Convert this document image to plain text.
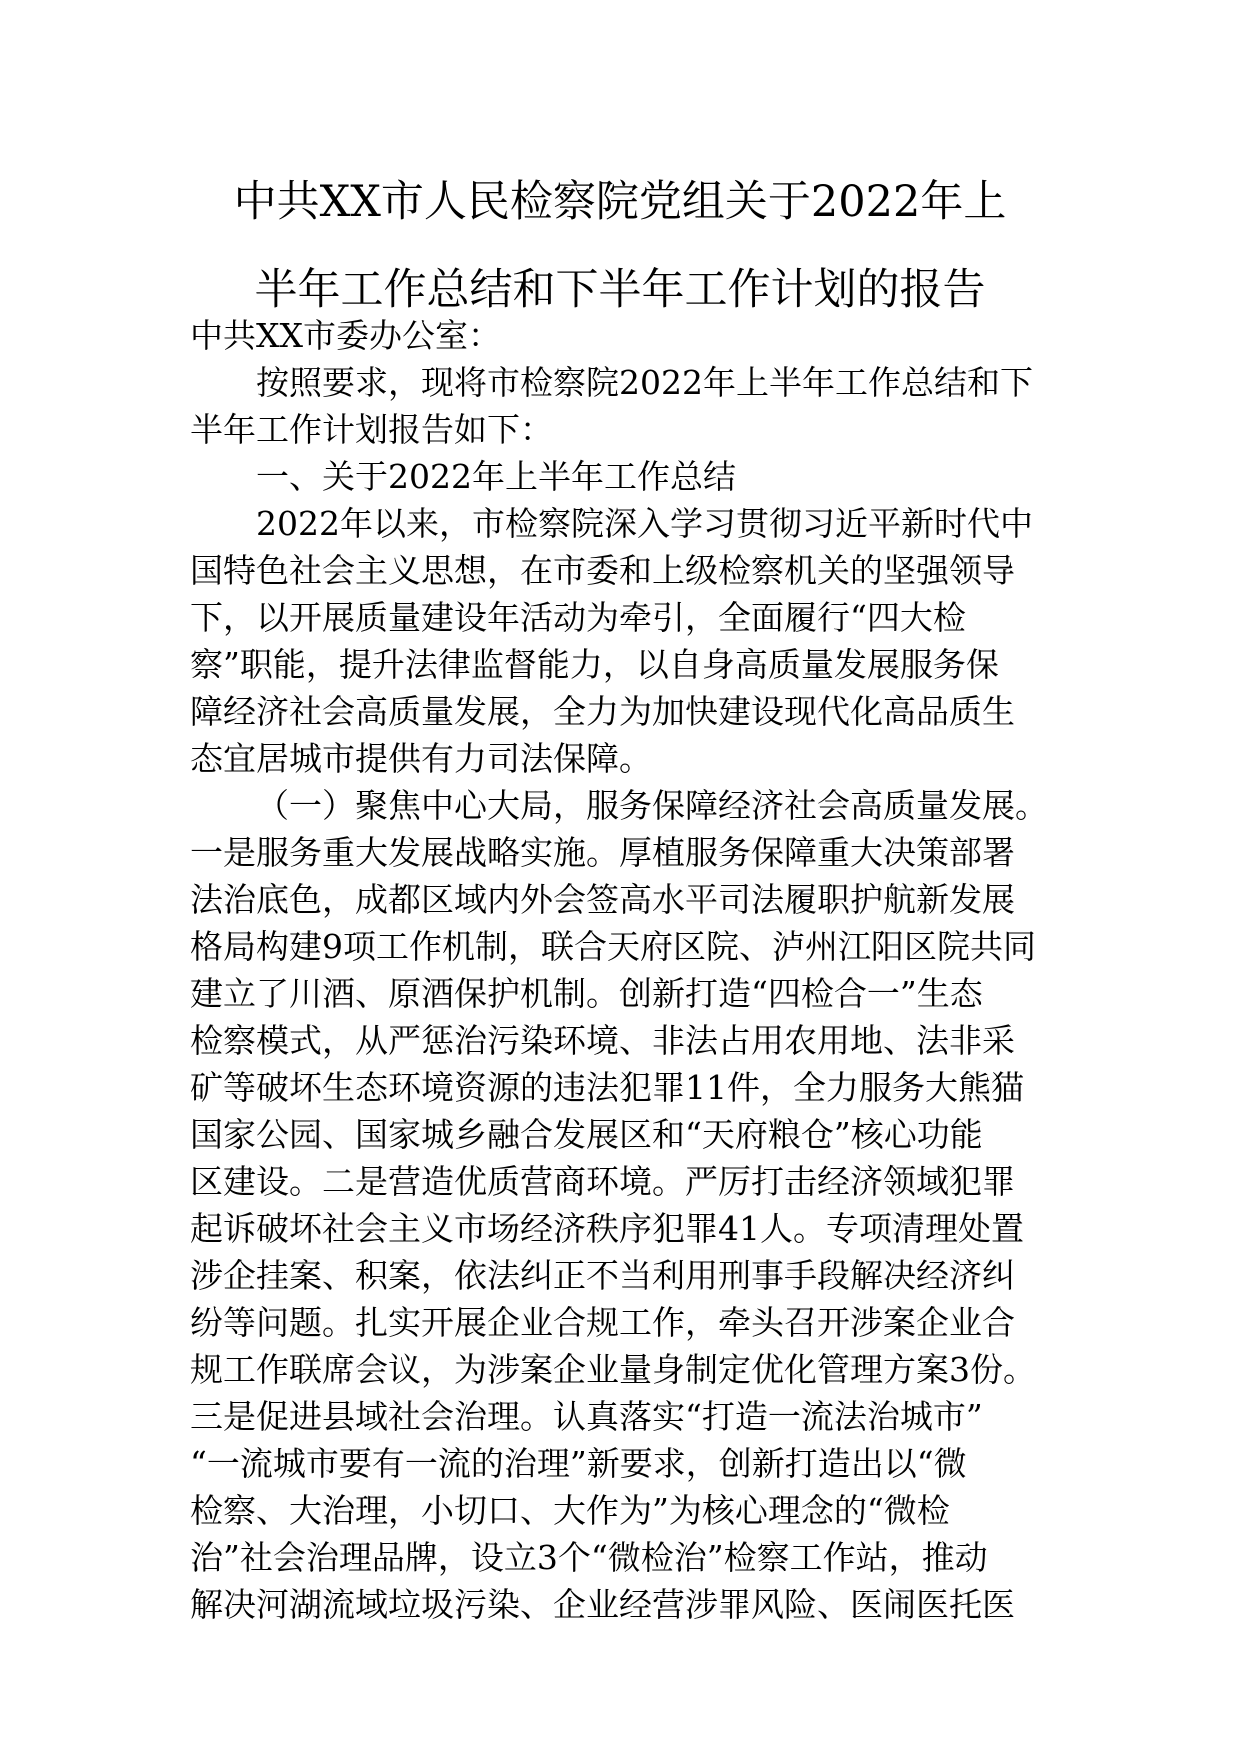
中共XX市人民检察院党组关于2022年上
半年工作总结和下半年工作计划的报告

中共XX市委办公室：

按照要求，现将市检察院2022年上半年工作总结和下

半年工作计划报告如下：

一、关于2022年上半年工作总结

2022年以来，市检察院深入学习贯彻习近平新时代中

国特色社会主义思想，在市委和上级检察机关的坚强领导

下，以开展质量建设年活动为牵引，全面履行“四大检

察”职能，提升法律监督能力，以自身高质量发展服务保

障经济社会高质量发展，全力为加快建设现代化高品质生

态宜居城市提供有力司法保障。

（一）聚焦中心大局，服务保障经济社会高质量发展。

一是服务重大发展战略实施。厚植服务保障重大决策部署

法治底色，成都区域内外会签高水平司法履职护航新发展

格局构建9项工作机制，联合天府区院、泸州江阳区院共同

建立了川酒、原酒保护机制。创新打造“四检合一”生态

检察模式，从严惩治污染环境、非法占用农用地、法非采

矿等破坏生态环境资源的违法犯罪11件，全力服务大熊猫

国家公园、国家城乡融合发展区和“天府粮仓”核心功能

区建设。二是营造优质营商环境。严厉打击经济领域犯罪

起诉破坏社会主义市场经济秩序犯罪41人。专项清理处置

涉企挂案、积案，依法纠正不当利用刑事手段解决经济纠

纷等问题。扎实开展企业合规工作，牵头召开涉案企业合

规工作联席会议，为涉案企业量身制定优化管理方案3份。

三是促进县域社会治理。认真落实“打造一流法治城市”

“一流城市要有一流的治理”新要求，创新打造出以“微

检察、大治理，小切口、大作为”为核心理念的“微检

治”社会治理品牌，设立3个“微检治”检察工作站，推动

解决河湖流域垃圾污染、企业经营涉罪风险、医闹医托医
